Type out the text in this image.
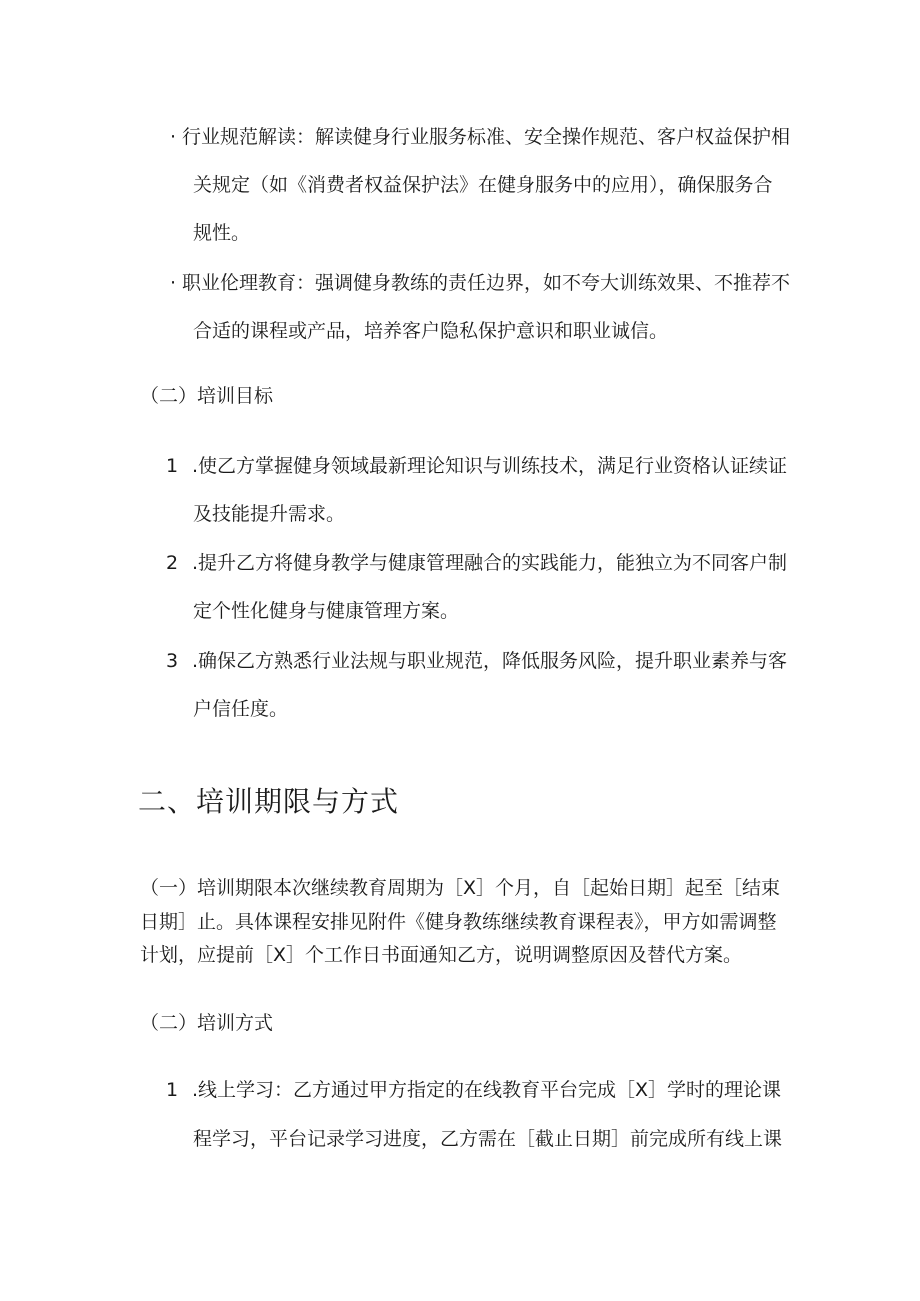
· 行业规范解读：解读健身行业服务标准、安全操作规范、客户权益保护相
关规定（如《消费者权益保护法》在健身服务中的应用），确保服务合
规性。
· 职业伦理教育：强调健身教练的责任边界，如不夸大训练效果、不推荐不
合适的课程或产品，培养客户隐私保护意识和职业诚信。
（二）培训目标
1 .使乙方掌握健身领域最新理论知识与训练技术，满足行业资格认证续证
及技能提升需求。
2 .提升乙方将健身教学与健康管理融合的实践能力，能独立为不同客户制
定个性化健身与健康管理方案。
3 .确保乙方熟悉行业法规与职业规范，降低服务风险，提升职业素养与客
户信任度。
二、培训期限与方式
（一）培训期限本次继续教育周期为［X］个月，自［起始日期］起至［结束
日期］止。具体课程安排见附件《健身教练继续教育课程表》，甲方如需调整
计划，应提前［X］个工作日书面通知乙方，说明调整原因及替代方案。
（二）培训方式
1 .线上学习：乙方通过甲方指定的在线教育平台完成［X］学时的理论课
程学习，平台记录学习进度，乙方需在［截止日期］前完成所有线上课
